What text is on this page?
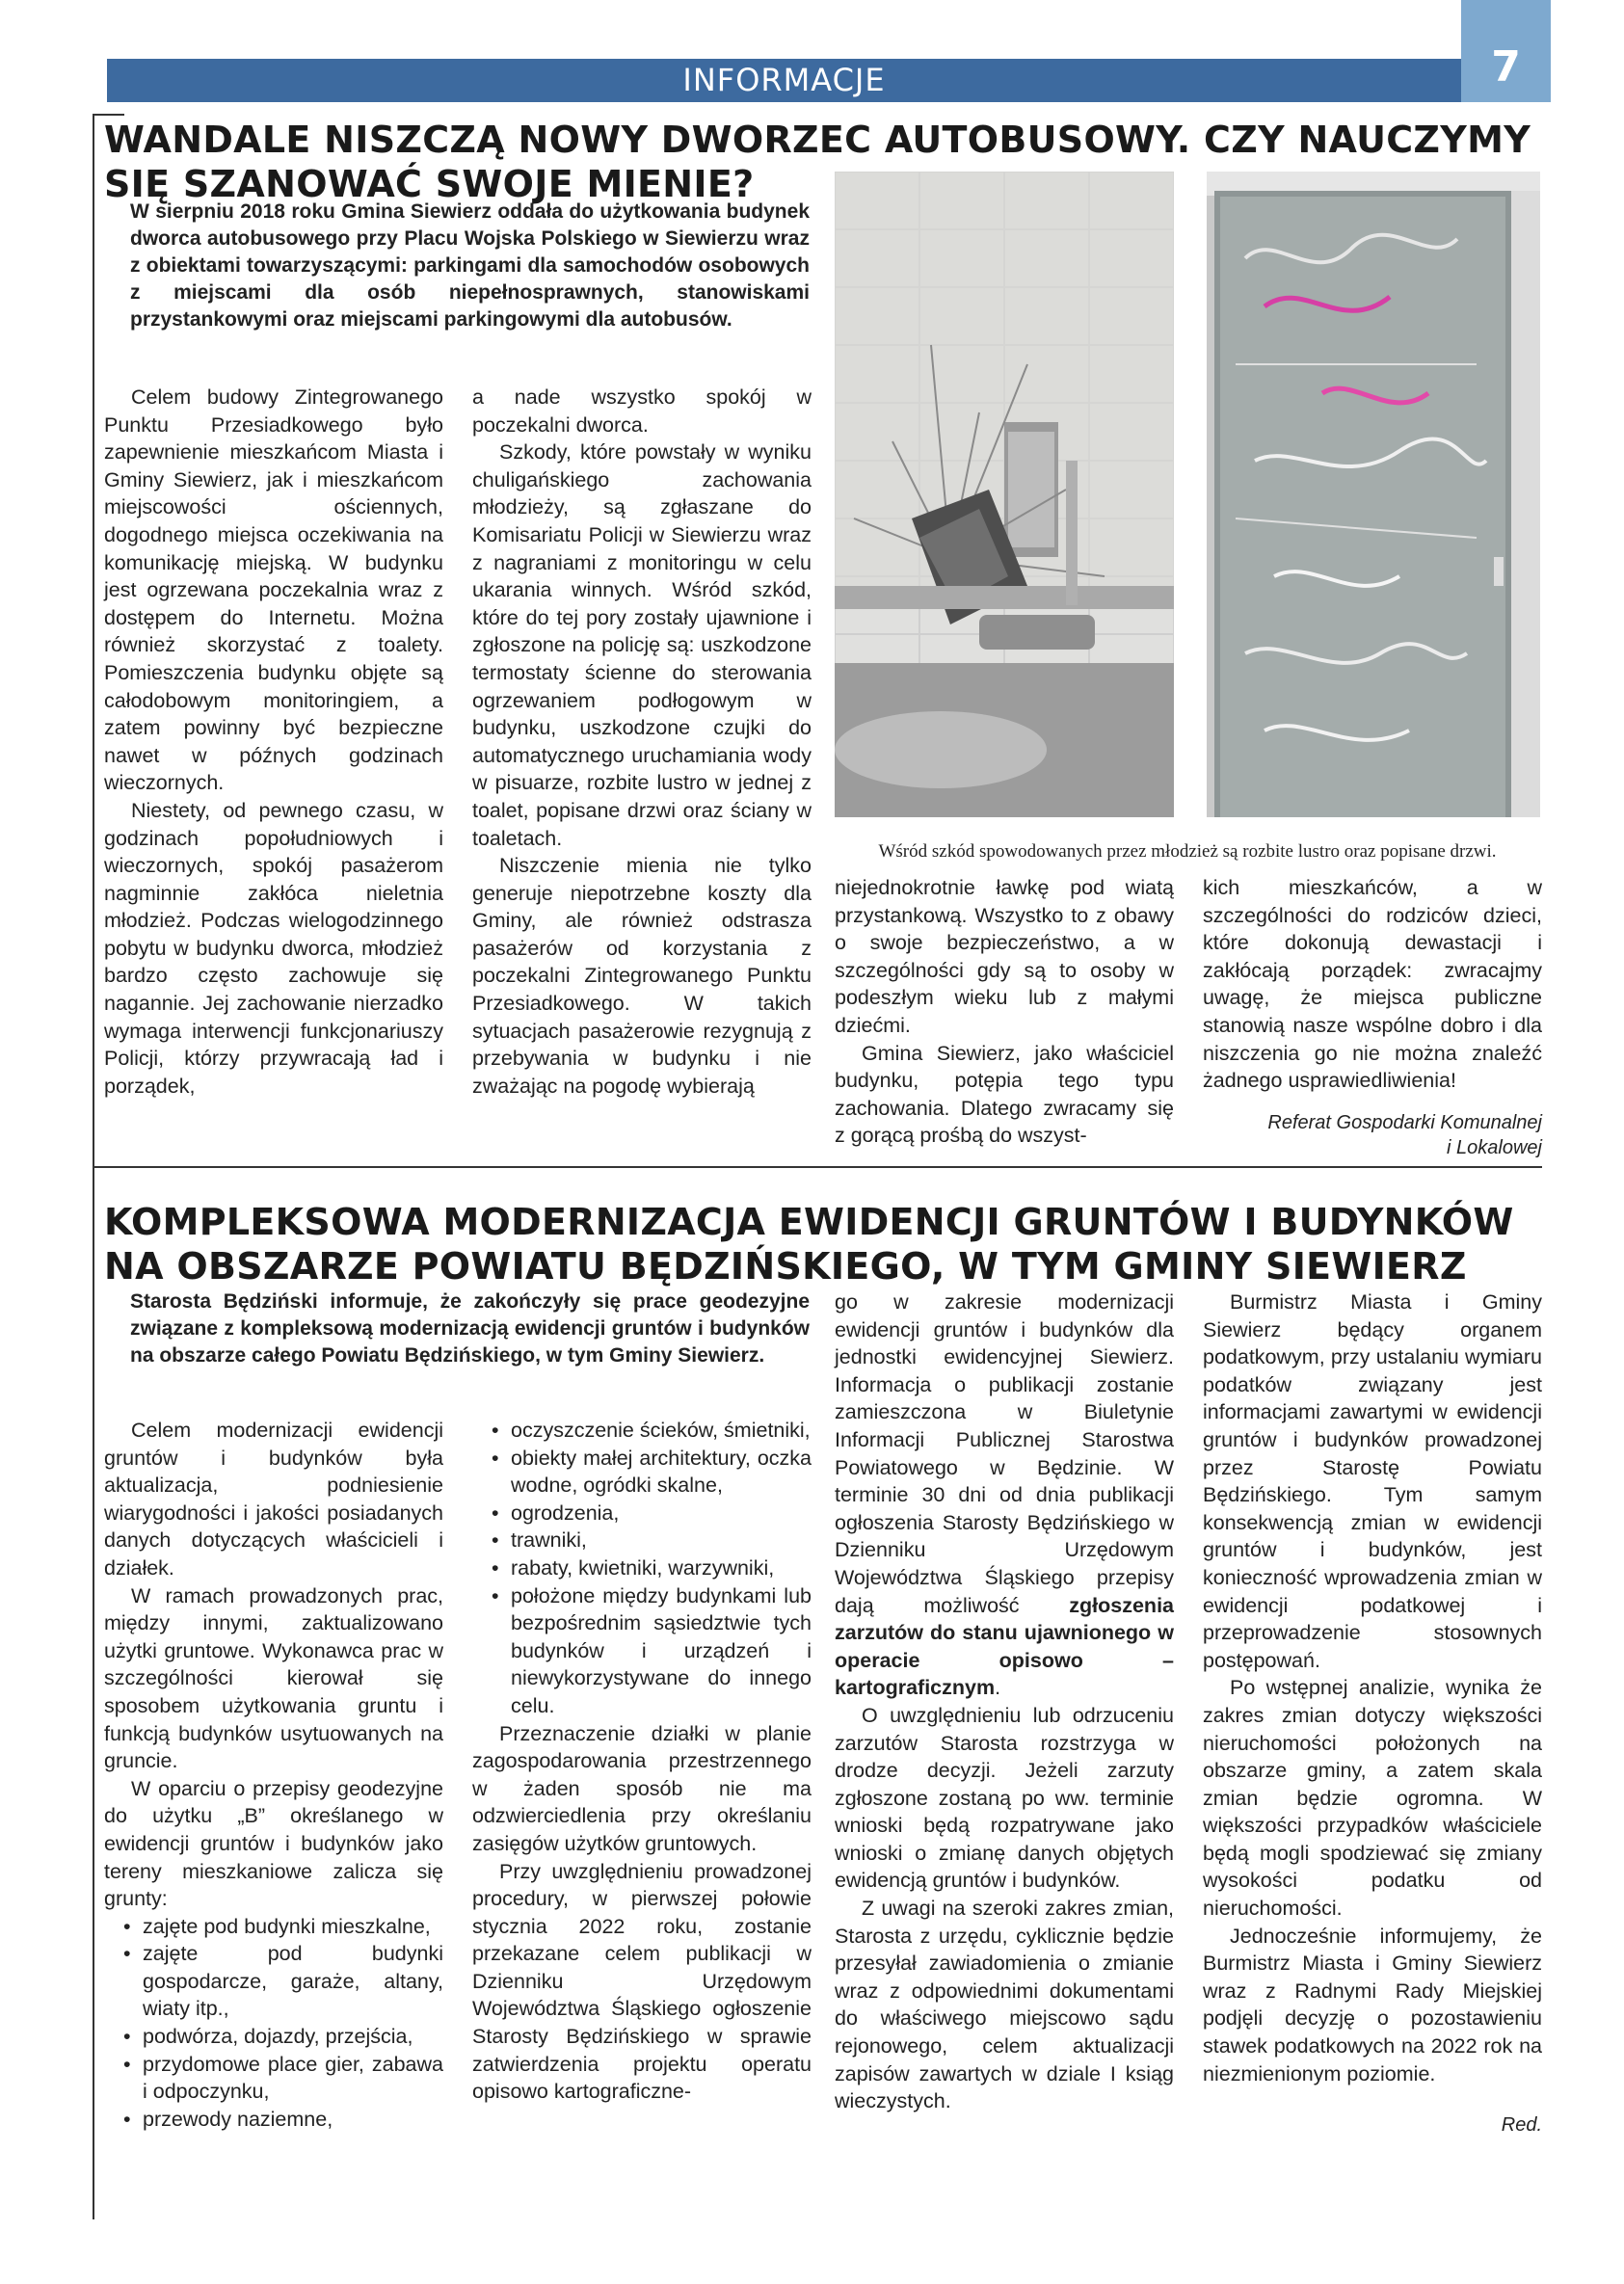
INFORMACJE	7
WANDALE NISZCZĄ NOWY DWORZEC AUTOBUSOWY. CZY NAUCZYMY SIĘ SZANOWAĆ SWOJE MIENIE?
W sierpniu 2018 roku Gmina Siewierz oddała do użytkowania budynek dworca autobusowego przy Placu Wojska Polskiego w Siewierzu wraz z obiektami towarzyszącymi: parkingami dla samochodów osobowych z miejscami dla osób niepełnosprawnych, stanowiskami przystankowymi oraz miejscami parkingowymi dla autobusów.

Celem budowy Zintegrowanego Punktu Przesiadkowego było zapewnienie mieszkańcom Miasta i Gminy Siewierz, jak i mieszkańcom miejscowości ościennych, dogodnego miejsca oczekiwania na komunikację miejską. W budynku jest ogrzewana poczekalnia wraz z dostępem do Internetu. Można również skorzystać z toalety. Pomieszczenia budynku objęte są całodobowym monitoringiem, a zatem powinny być bezpieczne nawet w późnych godzinach wieczornych.

Niestety, od pewnego czasu, w godzinach popołudniowych i wieczornych, spokój pasażerom nagminnie zakłóca nieletnia młodzież. Podczas wielogodzinnego pobytu w budynku dworca, młodzież bardzo często zachowuje się nagannie. Jej zachowanie nierzadko wymaga interwencji funkcjonariuszy Policji, którzy przywracają ład i porządek,

a nade wszystko spokój w poczekalni dworca.

Szkody, które powstały w wyniku chuligańskiego zachowania młodzieży, są zgłaszane do Komisariatu Policji w Siewierzu wraz z nagraniami z monitoringu w celu ukarania winnych. Wśród szkód, które do tej pory zostały ujawnione i zgłoszone na policję są: uszkodzone termostaty ścienne do sterowania ogrzewaniem podłogowym w budynku, uszkodzone czujki do automatycznego uruchamiania wody w pisuarze, rozbite lustro w jednej z toalet, popisane drzwi oraz ściany w toaletach.

Niszczenie mienia nie tylko generuje niepotrzebne koszty dla Gminy, ale również odstrasza pasażerów od korzystania z poczekalni Zintegrowanego Punktu Przesiadkowego. W takich sytuacjach pasażerowie rezygnują z przebywania w budynku i nie zważając na pogodę wybierają

Wśród szkód spowodowanych przez młodzież są rozbite lustro oraz popisane drzwi.

niejednokrotnie ławkę pod wiatą przystankową. Wszystko to z obawy o swoje bezpieczeństwo, a w szczególności gdy są to osoby w podeszłym wieku lub z małymi dziećmi.

Gmina Siewierz, jako właściciel budynku, potępia tego typu zachowania. Dlatego zwracamy się z gorącą prośbą do wszyst-

kich mieszkańców, a w szczególności do rodziców dzieci, które dokonują dewastacji i zakłócają porządek: zwracajmy uwagę, że miejsca publiczne stanowią nasze wspólne dobro i dla niszczenia go nie można znaleźć żadnego usprawiedliwienia!

Referat Gospodarki Komunalnej
i Lokalowej
KOMPLEKSOWA MODERNIZACJA EWIDENCJI GRUNTÓW I BUDYNKÓW NA OBSZARZE POWIATU BĘDZIŃSKIEGO, W TYM GMINY SIEWIERZ
Starosta Będziński informuje, że zakończyły się prace geodezyjne związane z kompleksową modernizacją ewidencji gruntów i budynków na obszarze całego Powiatu Będzińskiego, w tym Gminy Siewierz.

Celem modernizacji ewidencji gruntów i budynków była aktualizacja, podniesienie wiarygodności i jakości posiadanych danych dotyczących właścicieli i działek.

W ramach prowadzonych prac, między innymi, zaktualizowano użytki gruntowe. Wykonawca prac w szczególności kierował się sposobem użytkowania gruntu i funkcją budynków usytuowanych na gruncie.

W oparciu o przepisy geodezyjne do użytku „B” określanego w ewidencji gruntów i budynków jako tereny mieszkaniowe zalicza się grunty:

• zajęte pod budynki mieszkalne,
• zajęte pod budynki gospodarcze, garaże, altany, wiaty itp.,
• podwórza, dojazdy, przejścia,
• przydomowe place gier, zabawa i odpoczynku,
• przewody naziemne,
• oczyszczenie ścieków, śmietniki,
• obiekty małej architektury, oczka wodne, ogródki skalne,
• ogrodzenia,
• trawniki,
• rabaty, kwietniki, warzywniki,
• położone między budynkami lub bezpośrednim sąsiedztwie tych budynków i urządzeń i niewykorzystywane do innego celu.

Przeznaczenie działki w planie zagospodarowania przestrzennego w żaden sposób nie ma odzwierciedlenia przy określaniu zasięgów użytków gruntowych.

Przy uwzględnieniu prowadzonej procedury, w pierwszej połowie stycznia 2022 roku, zostanie przekazane celem publikacji w Dzienniku Urzędowym Województwa Śląskiego ogłoszenie Starosty Będzińskiego w sprawie zatwierdzenia projektu operatu opisowo kartograficzne-

go w zakresie modernizacji ewidencji gruntów i budynków dla jednostki ewidencyjnej Siewierz. Informacja o publikacji zostanie zamieszczona w Biuletynie Informacji Publicznej Starostwa Powiatowego w Będzinie. W terminie 30 dni od dnia publikacji ogłoszenia Starosty Będzińskiego w Dzienniku Urzędowym Województwa Śląskiego przepisy dają możliwość zgłoszenia zarzutów do stanu ujawnionego w operacie opisowo – kartograficznym.

O uwzględnieniu lub odrzuceniu zarzutów Starosta rozstrzyga w drodze decyzji. Jeżeli zarzuty zgłoszone zostaną po ww. terminie wnioski będą rozpatrywane jako wnioski o zmianę danych objętych ewidencją gruntów i budynków.

Z uwagi na szeroki zakres zmian, Starosta z urzędu, cyklicznie będzie przesyłał zawiadomienia o zmianie wraz z odpowiednimi dokumentami do właściwego miejscowo sądu rejonowego, celem aktualizacji zapisów zawartych w dziale I ksiąg wieczystych.

Burmistrz Miasta i Gminy Siewierz będący organem podatkowym, przy ustalaniu wymiaru podatków związany jest informacjami zawartymi w ewidencji gruntów i budynków prowadzonej przez Starostę Powiatu Będzińskiego. Tym samym konsekwencją zmian w ewidencji gruntów i budynków, jest konieczność wprowadzenia zmian w ewidencji podatkowej i przeprowadzenie stosownych postępowań.

Po wstępnej analizie, wynika że zakres zmian dotyczy większości nieruchomości położonych na obszarze gminy, a zatem skala zmian będzie ogromna. W większości przypadków właściciele będą mogli spodziewać się zmiany wysokości podatku od nieruchomości.

Jednocześnie informujemy, że Burmistrz Miasta i Gminy Siewierz wraz z Radnymi Rady Miejskiej podjęli decyzję o pozostawieniu stawek podatkowych na 2022 rok na niezmienionym poziomie.

Red.
